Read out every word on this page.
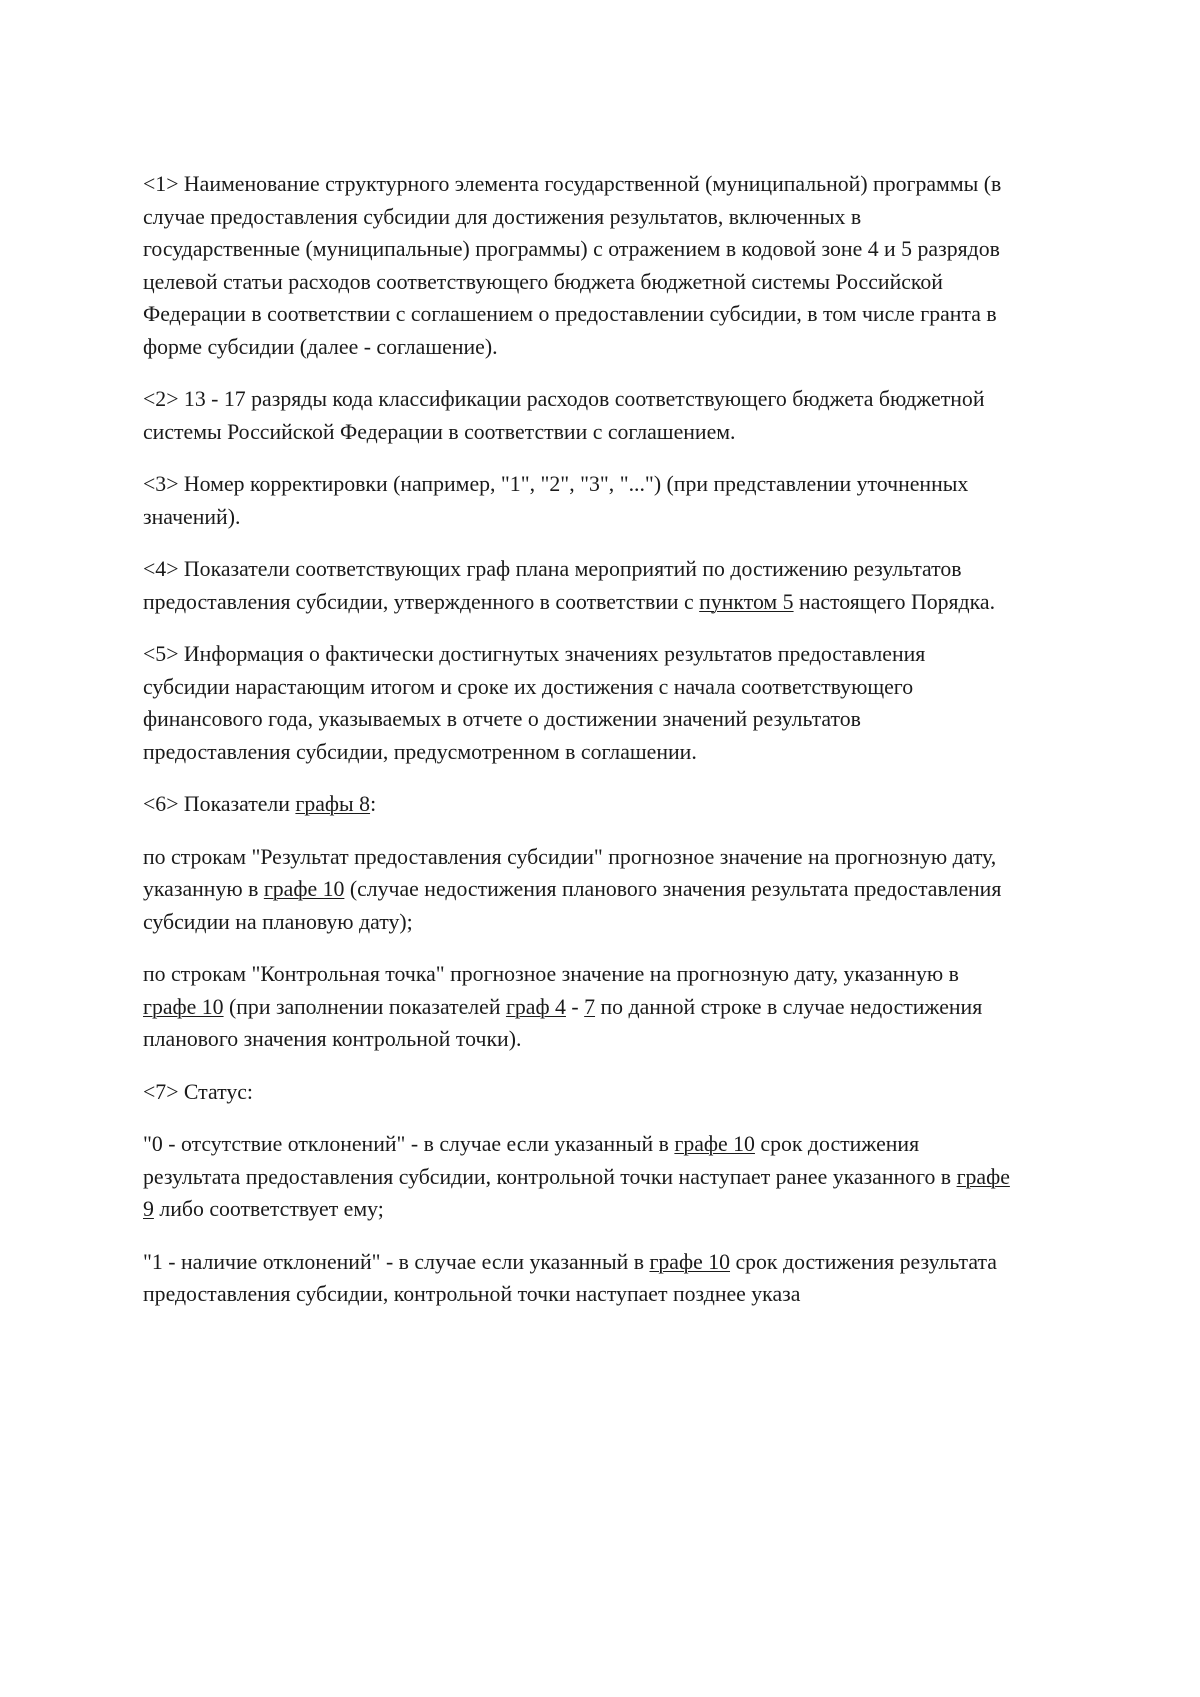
<1> Наименование структурного элемента государственной (муниципальной) программы (в
случае предоставления субсидии для достижения результатов, включенных в
государственные (муниципальные) программы) с отражением в кодовой зоне 4 и 5 разрядов
целевой статьи расходов соответствующего бюджета бюджетной системы Российской
Федерации в соответствии с соглашением о предоставлении субсидии, в том числе гранта в
форме субсидии (далее - соглашение).
<2> 13 - 17 разряды кода классификации расходов соответствующего бюджета бюджетной
системы Российской Федерации в соответствии с соглашением.
<3> Номер корректировки (например, "1", "2", "3", "...") (при представлении уточненных
значений).
<4> Показатели соответствующих граф плана мероприятий по достижению результатов
предоставления субсидии, утвержденного в соответствии с пунктом 5 настоящего Порядка.
<5> Информация о фактически достигнутых значениях результатов предоставления
субсидии нарастающим итогом и сроке их достижения с начала соответствующего
финансового года, указываемых в отчете о достижении значений результатов
предоставления субсидии, предусмотренном в соглашении.
<6> Показатели графы 8:
по строкам "Результат предоставления субсидии" прогнозное значение на прогнозную дату,
указанную в графе 10 (случае недостижения планового значения результата предоставления
субсидии на плановую дату);
по строкам "Контрольная точка" прогнозное значение на прогнозную дату, указанную в
графе 10 (при заполнении показателей граф 4 - 7 по данной строке в случае недостижения
планового значения контрольной точки).
<7> Статус:
"0 - отсутствие отклонений" - в случае если указанный в графе 10 срок достижения
результата предоставления субсидии, контрольной точки наступает ранее указанного в графе
9 либо соответствует ему;
"1 - наличие отклонений" - в случае если указанный в графе 10 срок достижения результата
предоставления субсидии, контрольной точки наступает позднее указа
